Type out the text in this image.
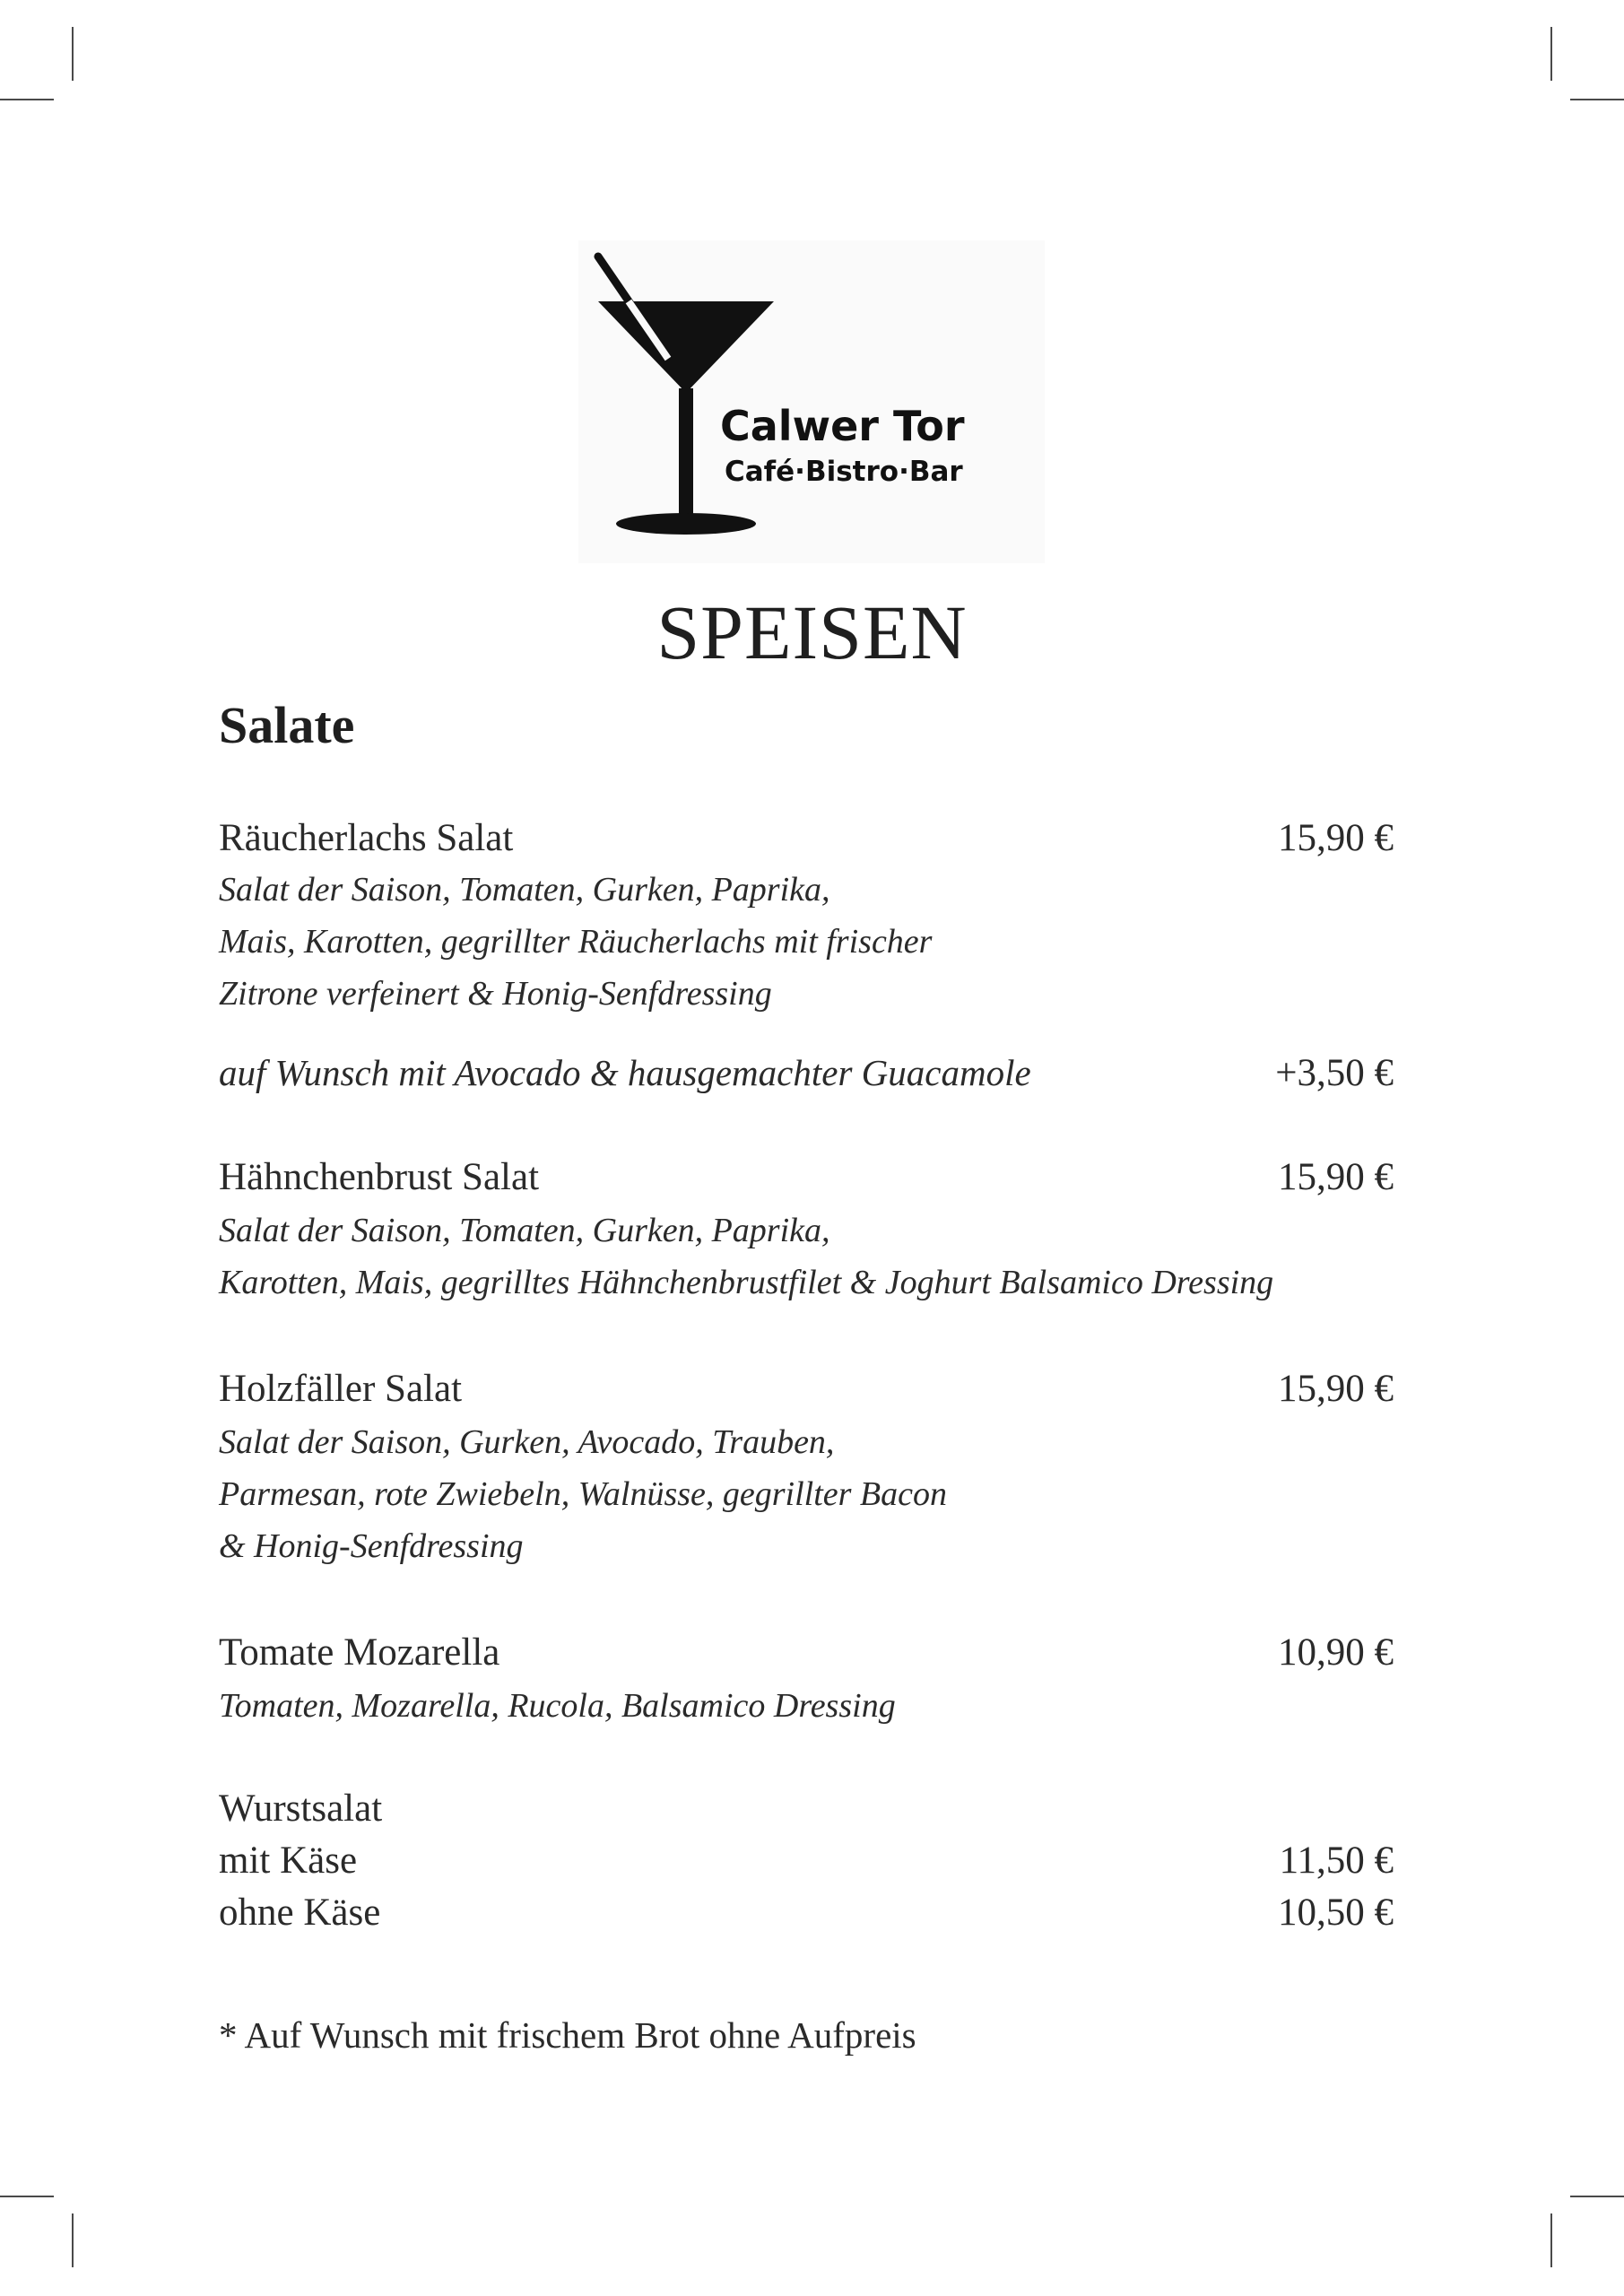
Calwer Tor
Café·Bistro·Bar
SPEISEN
Salate
Räucherlachs Salat	15,90 €
Salat der Saison, Tomaten, Gurken, Paprika,
Mais, Karotten, gegrillter Räucherlachs mit frischer
Zitrone verfeinert & Honig-Senfdressing
auf Wunsch mit Avocado & hausgemachter Guacamole	+3,50 €
Hähnchenbrust Salat	15,90 €
Salat der Saison, Tomaten, Gurken, Paprika,
Karotten, Mais, gegrilltes Hähnchenbrustfilet & Joghurt Balsamico Dressing
Holzfäller Salat	15,90 €
Salat der Saison, Gurken, Avocado, Trauben,
Parmesan, rote Zwiebeln, Walnüsse, gegrillter Bacon
& Honig-Senfdressing
Tomate Mozarella	10,90 €
Tomaten, Mozarella, Rucola, Balsamico Dressing
Wurstsalat
mit Käse	11,50 €
ohne Käse	10,50 €
* Auf Wunsch mit frischem Brot ohne Aufpreis
